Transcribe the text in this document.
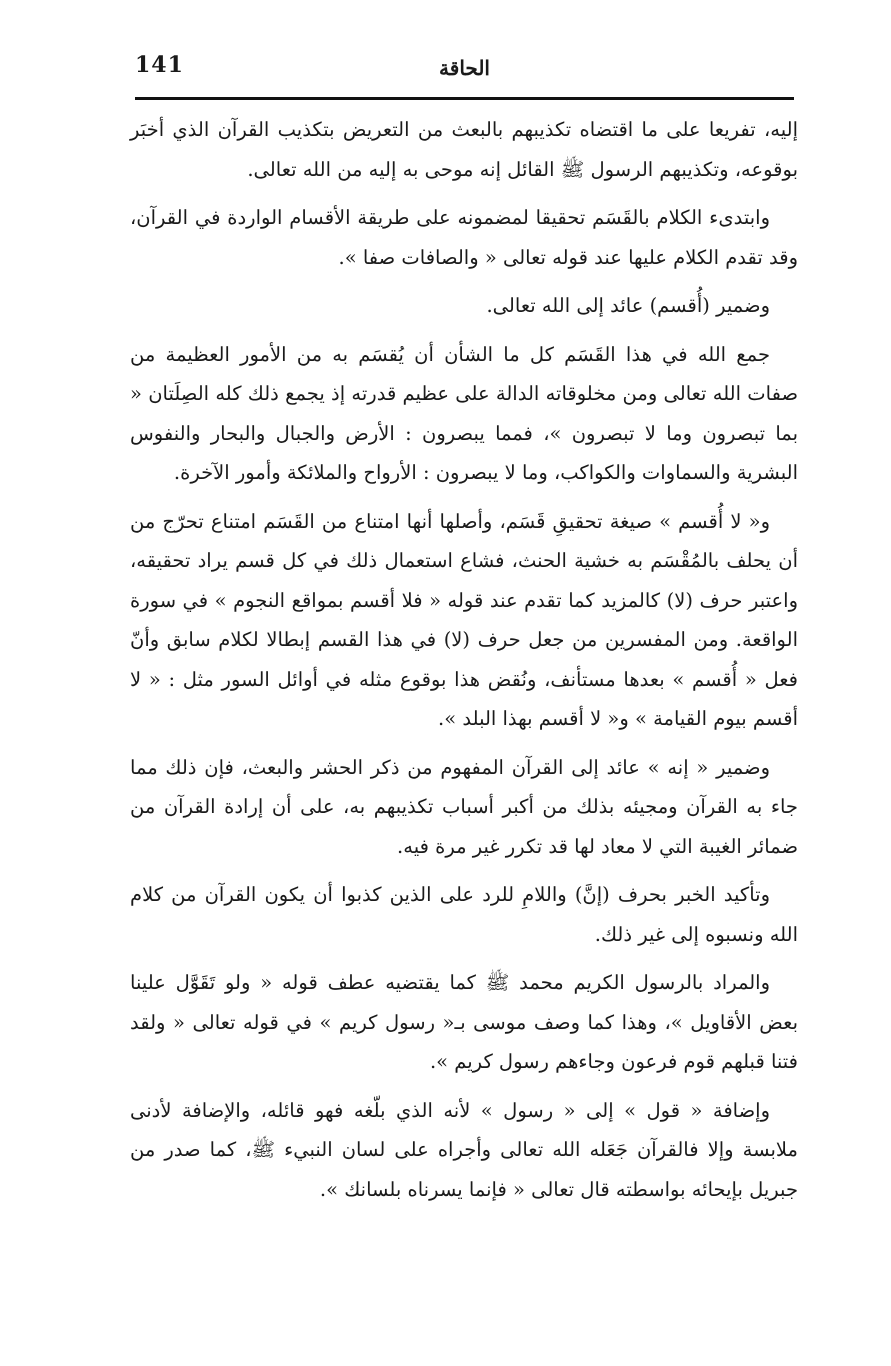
141	الحاقة

إليه، تفريعا على ما اقتضاه تكذيبهم بالبعث من التعريض بتكذيب القرآن الذي أخبَر بوقوعه، وتكذيبهم الرسول ﷺ القائل إنه موحى به إليه من الله تعالى.

وابتدىء الكلام بالقَسَم تحقيقا لمضمونه على طريقة الأقسام الواردة في القرآن، وقد تقدم الكلام عليها عند قوله تعالى « والصافات صفا ».

وضمير (أُقسم) عائد إلى الله تعالى.

جمع الله في هذا القَسَم كل ما الشأن أن يُقسَم به من الأمور العظيمة من صفات الله تعالى ومن مخلوقاته الدالة على عظيم قدرته إذ يجمع ذلك كله الصِلَتان « بما تبصرون وما لا تبصرون »، فمما يبصرون : الأرض والجبال والبحار والنفوس البشرية والسماوات والكواكب، وما لا يبصرون : الأرواح والملائكة وأمور الآخرة.

و« لا أُقسم » صيغة تحقيقِ قَسَم، وأصلها أنها امتناع من القَسَم امتناع تحرّج من أن يحلف بالمُقْسَم به خشية الحنث، فشاع استعمال ذلك في كل قسم يراد تحقيقه، واعتبر حرف (لا) كالمزيد كما تقدم عند قوله « فلا أقسم بمواقع النجوم » في سورة الواقعة. ومن المفسرين من جعل حرف (لا) في هذا القسم إبطالا لكلام سابق وأنّ فعل « أُقسم » بعدها مستأنف، ونُقض هذا بوقوع مثله في أوائل السور مثل : « لا أقسم بيوم القيامة » و« لا أقسم بهذا البلد ».

وضمير « إنه » عائد إلى القرآن المفهوم من ذكر الحشر والبعث، فإن ذلك مما جاء به القرآن ومجيئه بذلك من أكبر أسباب تكذيبهم به، على أن إرادة القرآن من ضمائر الغيبة التي لا معاد لها قد تكرر غير مرة فيه.

وتأكيد الخبر بحرف (إنَّ) واللامِ للرد على الذين كذبوا أن يكون القرآن من كلام الله ونسبوه إلى غير ذلك.

والمراد بالرسول الكريم محمد ﷺ كما يقتضيه عطف قوله « ولو تَقَوَّل علينا بعض الأقاويل »، وهذا كما وصف موسى بـ« رسول كريم » في قوله تعالى « ولقد فتنا قبلهم قوم فرعون وجاءهم رسول كريم ».

وإضافة « قول » إلى « رسول » لأنه الذي بلّغه فهو قائله، والإضافة لأدنى ملابسة وإلا فالقرآن جَعَله الله تعالى وأجراه على لسان النبيء ﷺ، كما صدر من جبريل بإيحائه بواسطته قال تعالى « فإنما يسرناه بلسانك ».
